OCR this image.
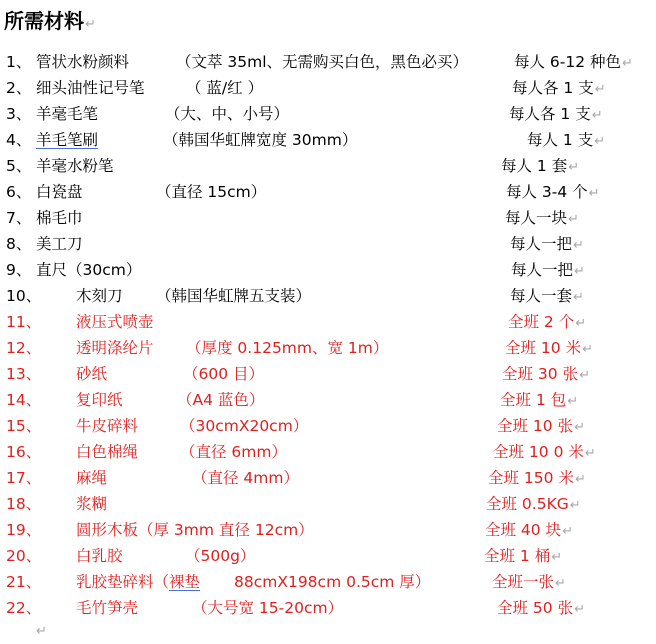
所需材料↵
1、 管状水粉颜料	（文萃 35ml、无需购买白色，黑色必买）	每人 6-12 种色↵
2、 细头油性记号笔	（ 蓝/红 ）	每人各 1 支↵
3、 羊毫毛笔	（大、中、小号）	每人各 1 支↵
4、 羊毛笔刷	（韩国华虹牌宽度 30mm）	每人 1 支↵
5、 羊毫水粉笔	每人 1 套↵
6、 白瓷盘	（直径 15cm）	每人 3-4 个↵
7、 棉毛巾	每人一块↵
8、 美工刀	每人一把↵
9、 直尺（30cm）	每人一把↵
10、 木刻刀 （韩国华虹牌五支装）	每人一套↵
11、 液压式喷壶	全班 2 个↵
12、 透明涤纶片 （厚度 0.125mm、宽 1m）	全班 10 米↵
13、 砂纸	（600 目）	全班 30 张↵
14、 复印纸	（A4 蓝色）	全班 1 包↵
15、 牛皮碎料	（30cmX20cm）	全班 10 张↵
16、 白色棉绳	（直径 6mm）	全班 10 0 米↵
17、 麻绳	（直径 4mm）	全班 150 米↵
18、 浆糊	全班 0.5KG↵
19、 圆形木板（厚 3mm 直径 12cm）	全班 40 块↵
20、 白乳胶	（500g）	全班 1 桶↵
21、 乳胶垫碎料（裸垫 88cmX198cm 0.5cm 厚）	全班一张↵
22、 毛竹笋壳	（大号宽 15-20cm）	全班 50 张↵
↵
